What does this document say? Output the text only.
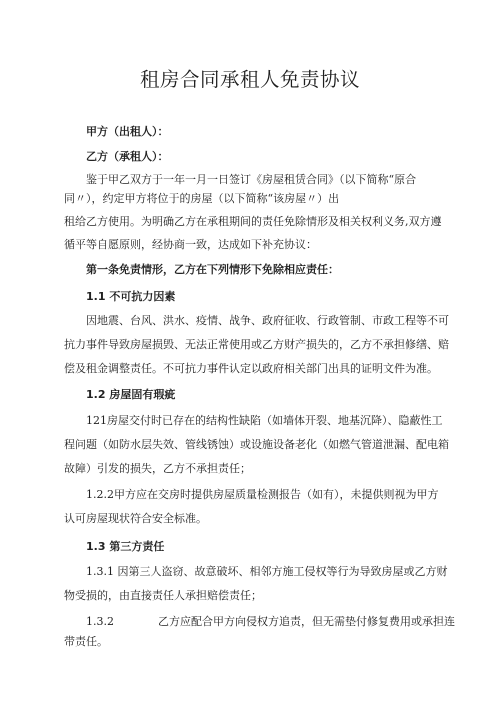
租房合同承租人免责协议
甲方（出租人）：
乙方（承租人）：
鉴于甲乙双方于一年一月一日签订《房屋租赁合同》（以下简称“原合
同〃），约定甲方将位于的房屋（以下简称“该房屋〃）出
租给乙方使用。为明确乙方在承租期间的责任免除情形及相关权利义务,双方遵
循平等自愿原则，经协商一致，达成如下补充协议：
第一条免责情形，乙方在下列情形下免除相应责任：
1.1 不可抗力因素
因地震、台风、洪水、疫情、战争、政府征收、行政管制、市政工程等不可
抗力事件导致房屋损毁、无法正常使用或乙方财产损失的，乙方不承担修缮、赔
偿及租金调整责任。不可抗力事件认定以政府相关部门出具的证明文件为准。
1.2 房屋固有瑕疵
121房屋交付时已存在的结构性缺陷（如墙体开裂、地基沉降）、隐蔽性工
程问题（如防水层失效、管线锈蚀）或设施设备老化（如燃气管道泄漏、配电箱
故障）引发的损失，乙方不承担责任；
1.2.2甲方应在交房时提供房屋质量检测报告（如有），未提供则视为甲方
认可房屋现状符合安全标准。
1.3 第三方责任
1.3.1 因第三人盗窃、故意破坏、相邻方施工侵权等行为导致房屋或乙方财
物受损的，由直接责任人承担赔偿责任；
1.3.2	乙方应配合甲方向侵权方追责，但无需垫付修复费用或承担连
带责任。
